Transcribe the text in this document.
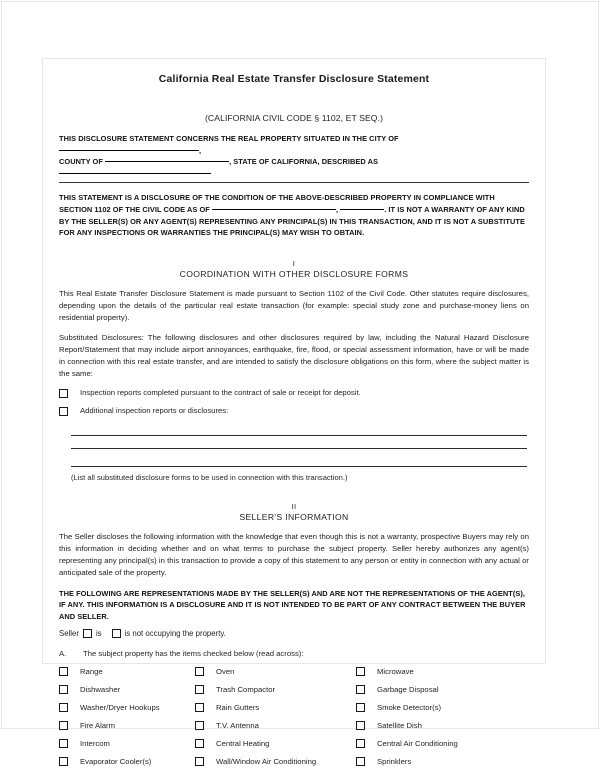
California Real Estate Transfer Disclosure Statement
(CALIFORNIA CIVIL CODE § 1102, ET SEQ.)
THIS DISCLOSURE STATEMENT CONCERNS THE REAL PROPERTY SITUATED IN THE CITY OF,
COUNTY OF	, STATE OF CALIFORNIA, DESCRIBED AS
THIS STATEMENT IS A DISCLOSURE OF THE CONDITION OF THE ABOVE-DESCRIBED PROPERTY IN COMPLIANCE WITH SECTION 1102 OF THE CIVIL CODE AS OF	,	. IT IS NOT A WARRANTY OF ANY KIND BY THE SELLER(S) OR ANY AGENT(S) REPRESENTING ANY PRINCIPAL(S) IN THIS TRANSACTION, AND IT IS NOT A SUBSTITUTE FOR ANY INSPECTIONS OR WARRANTIES THE PRINCIPAL(S) MAY WISH TO OBTAIN.
I
COORDINATION WITH OTHER DISCLOSURE FORMS
This Real Estate Transfer Disclosure Statement is made pursuant to Section 1102 of the Civil Code. Other statutes require disclosures, depending upon the details of the particular real estate transaction (for example: special study zone and purchase-money liens on residential property).
Substituted Disclosures: The following disclosures and other disclosures required by law, including the Natural Hazard Disclosure Report/Statement that may include airport annoyances, earthquake, fire, flood, or special assessment information, have or will be made in connection with this real estate transfer, and are intended to satisfy the disclosure obligations on this form, where the subject matter is the same:
Inspection reports completed pursuant to the contract of sale or receipt for deposit.
Additional inspection reports or disclosures:
(List all substituted disclosure forms to be used in connection with this transaction.)
II
SELLER'S INFORMATION
The Seller discloses the following information with the knowledge that even though this is not a warranty, prospective Buyers may rely on this information in deciding whether and on what terms to purchase the subject property. Seller hereby authorizes any agent(s) representing any principal(s) in this transaction to provide a copy of this statement to any person or entity in connection with any actual or anticipated sale of the property.
THE FOLLOWING ARE REPRESENTATIONS MADE BY THE SELLER(S) AND ARE NOT THE REPRESENTATIONS OF THE AGENT(S), IF ANY. THIS INFORMATION IS A DISCLOSURE AND IT IS NOT INTENDED TO BE PART OF ANY CONTRACT BETWEEN THE BUYER AND SELLER.
Seller is	is not occupying the property.
A.	The subject property has the items checked below (read across):
Range	Oven	Microwave
Dishwasher	Trash Compactor	Garbage Disposal
Washer/Dryer Hookups	Rain Gutters	Smoke Detector(s)
Fire Alarm	T.V. Antenna	Satellite Dish
Intercom	Central Heating	Central Air Conditioning
Evaporator Cooler(s)	Wall/Window Air Conditioning	Sprinklers
